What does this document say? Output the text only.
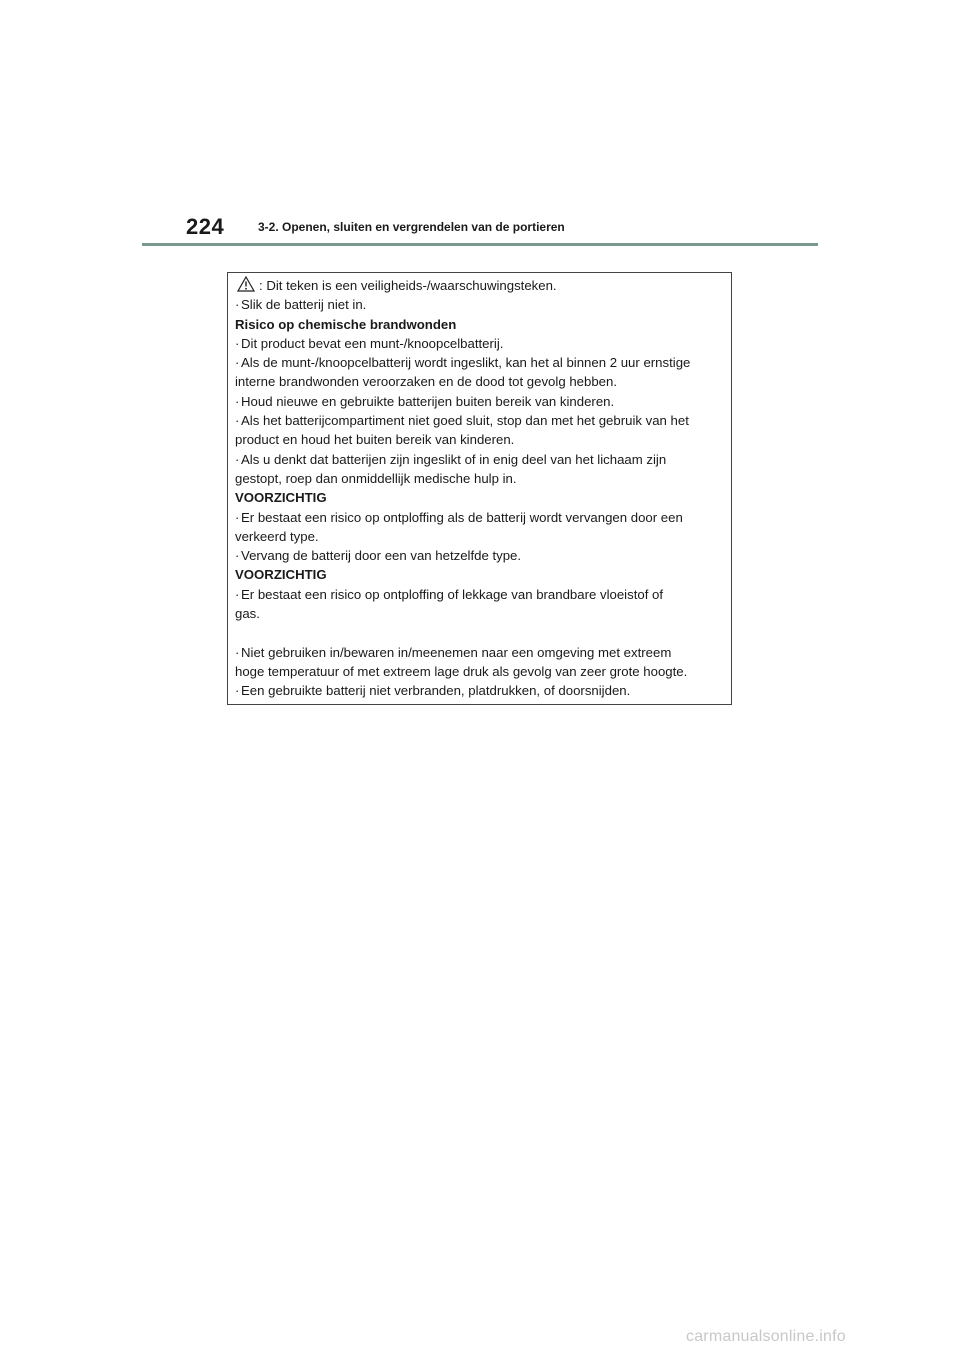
224	3-2. Openen, sluiten en vergrendelen van de portieren
: Dit teken is een veiligheids-/waarschuwingsteken.
· Slik de batterij niet in.
Risico op chemische brandwonden
· Dit product bevat een munt-/knoopcelbatterij.
· Als de munt-/knoopcelbatterij wordt ingeslikt, kan het al binnen 2 uur ernstige
interne brandwonden veroorzaken en de dood tot gevolg hebben.
· Houd nieuwe en gebruikte batterijen buiten bereik van kinderen.
· Als het batterijcompartiment niet goed sluit, stop dan met het gebruik van het
product en houd het buiten bereik van kinderen.
· Als u denkt dat batterijen zijn ingeslikt of in enig deel van het lichaam zijn
gestopt, roep dan onmiddellijk medische hulp in.
VOORZICHTIG
· Er bestaat een risico op ontploffing als de batterij wordt vervangen door een
verkeerd type.
· Vervang de batterij door een van hetzelfde type.
VOORZICHTIG
· Er bestaat een risico op ontploffing of lekkage van brandbare vloeistof of
gas.
· Niet gebruiken in/bewaren in/meenemen naar een omgeving met extreem
hoge temperatuur of met extreem lage druk als gevolg van zeer grote hoogte.
· Een gebruikte batterij niet verbranden, platdrukken, of doorsnijden.
carmanualsonline.info
